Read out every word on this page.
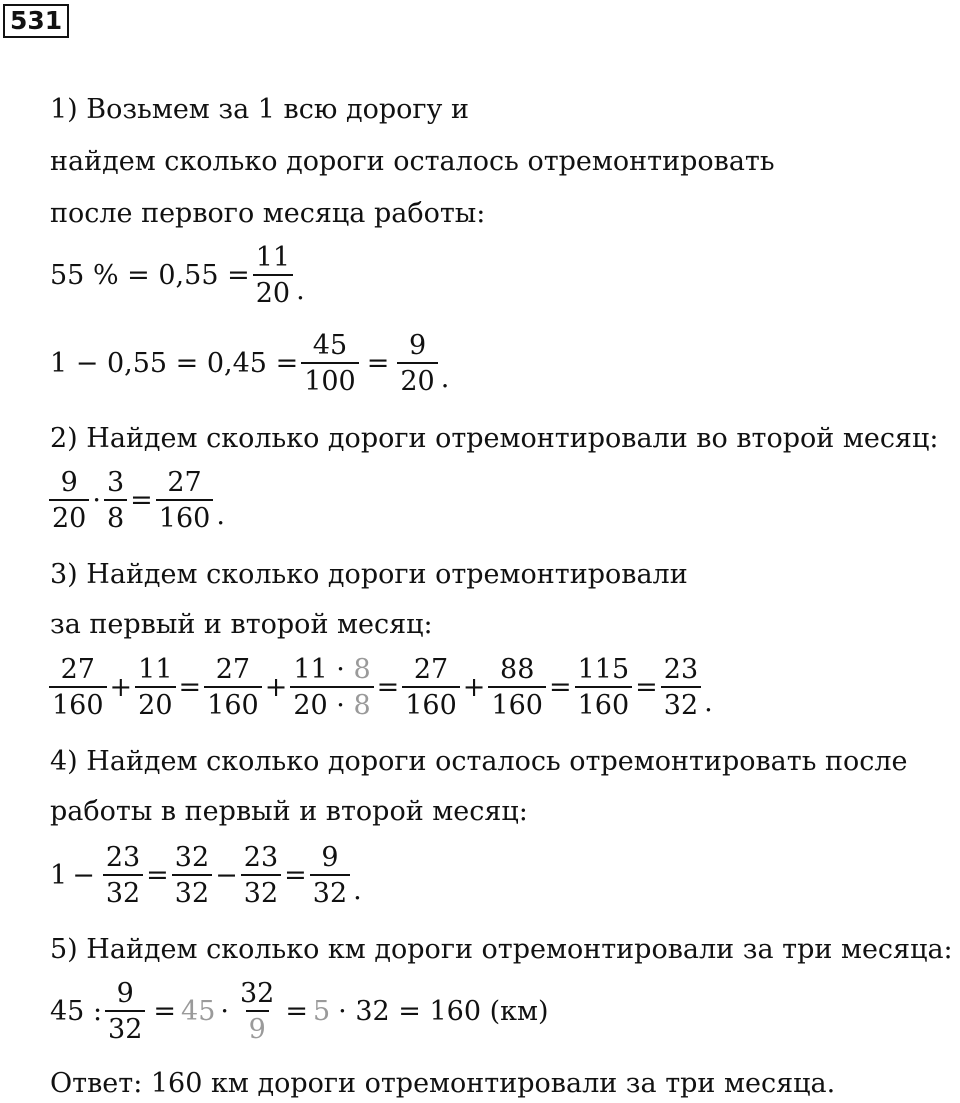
531
1) Возьмем за 1 всю дорогу и
найдем сколько дороги осталось отремонтировать
после первого месяца работы:
55 % = $0,55 = \frac{11}{20}$ .
$1 - 0,55 = 0,45 = \frac{45}{100} = \frac{9}{20}$ .
2) Найдем сколько дороги отремонтировали во второй месяц:
$\frac{9}{20} \cdot \frac{3}{8} = \frac{27}{160}$ .
3) Найдем сколько дороги отремонтировали
за первый и второй месяц:
$\frac{27}{160} + \frac{11}{20} = \frac{27}{160} + \frac{11 \cdot 8}{20 \cdot 8} = \frac{27}{160} + \frac{88}{160} = \frac{115}{160} = \frac{23}{32}$ .
4) Найдем сколько дороги осталось отремонтировать после
работы в первый и второй месяц:
$1 - \frac{23}{32} = \frac{32}{32} - \frac{23}{32} = \frac{9}{32}$ .
5) Найдем сколько км дороги отремонтировали за три месяца:
45 : $\frac{9}{32} = 45 \cdot \frac{32}{9} = 5 \cdot 32 = 160$ (км)
Ответ: 160 км дороги отремонтировали за три месяца.
